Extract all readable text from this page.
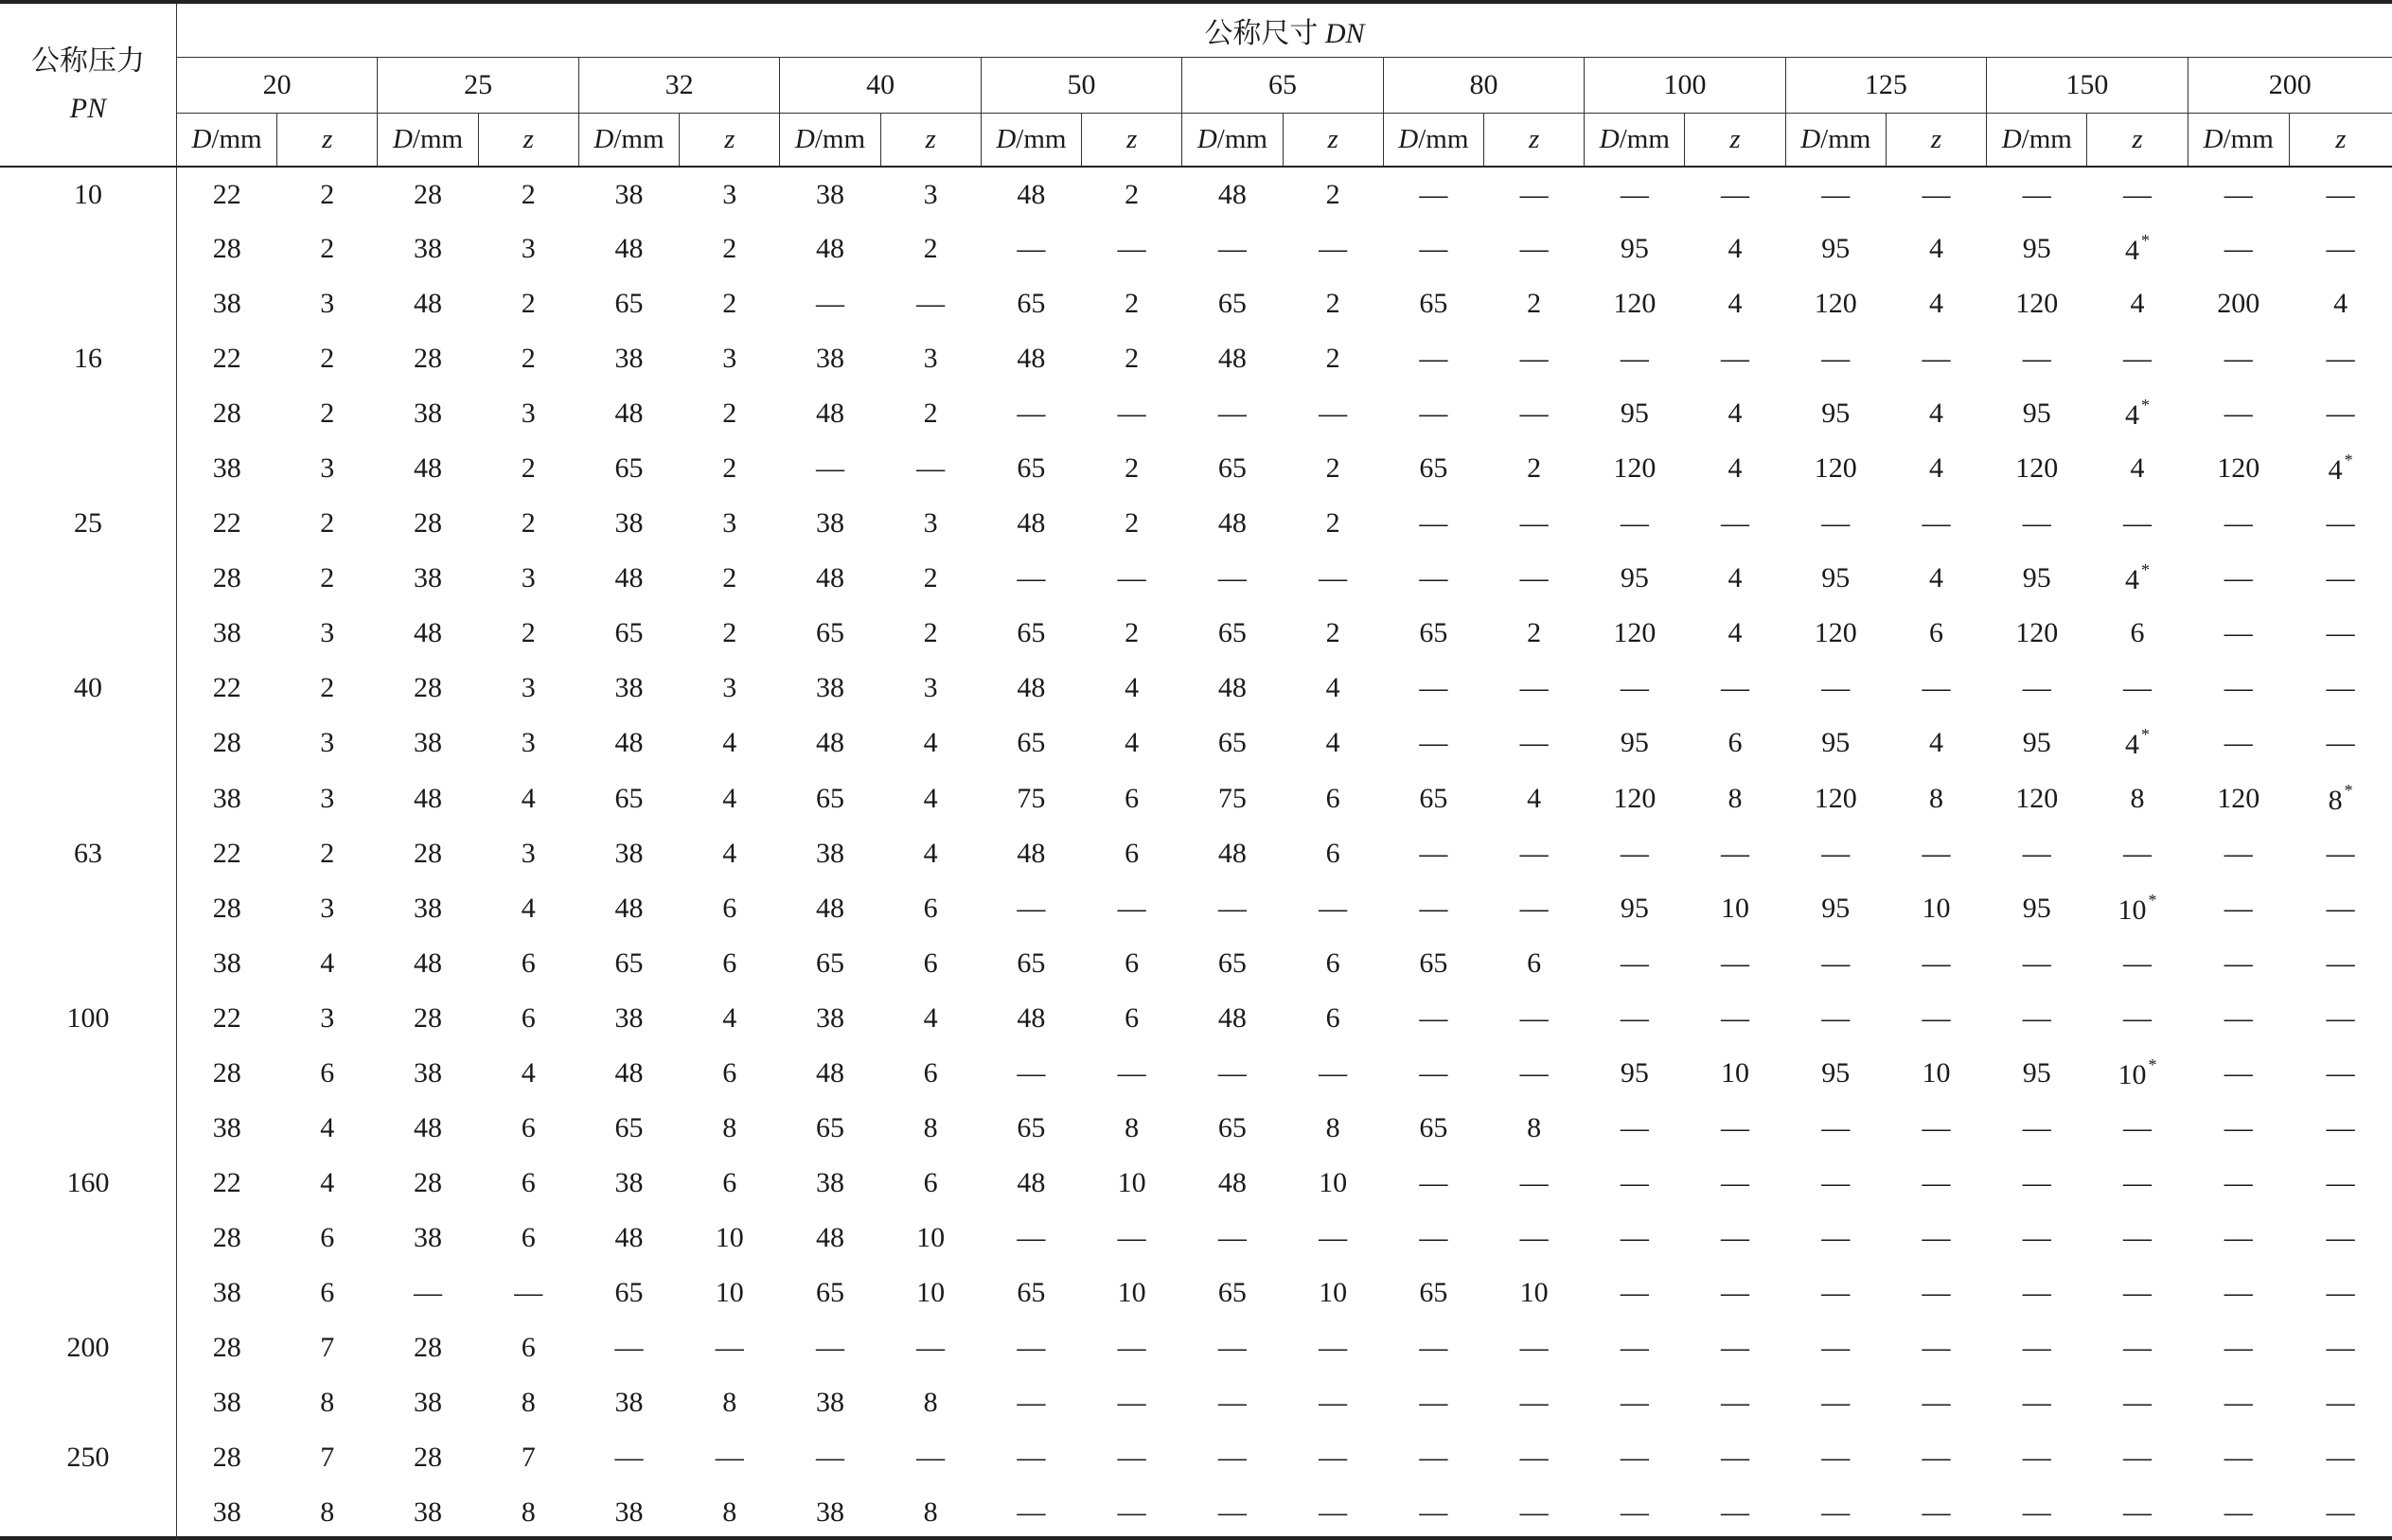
公称压力
PN	公称尺寸 DN																					
	20		25		32		40		50		65		80		100		125		150		200	
	D/mm	z	D/mm	z	D/mm	z	D/mm	z	D/mm	z	D/mm	z	D/mm	z	D/mm	z	D/mm	z	D/mm	z	D/mm	z
10	22	2	28	2	38	3	38	3	48	2	48	2	—	—	—	—	—	—	—	—	—	—
	28	2	38	3	48	2	48	2	—	—	—	—	—	—	95	4	95	4	95	4 *	—	—
	38	3	48	2	65	2	—	—	65	2	65	2	65	2	120	4	120	4	120	4	200	4
16	22	2	28	2	38	3	38	3	48	2	48	2	—	—	—	—	—	—	—	—	—	—
	28	2	38	3	48	2	48	2	—	—	—	—	—	—	95	4	95	4	95	4 *	—	—
	38	3	48	2	65	2	—	—	65	2	65	2	65	2	120	4	120	4	120	4	120	4 *
25	22	2	28	2	38	3	38	3	48	2	48	2	—	—	—	—	—	—	—	—	—	—
	28	2	38	3	48	2	48	2	—	—	—	—	—	—	95	4	95	4	95	4 *	—	—
	38	3	48	2	65	2	65	2	65	2	65	2	65	2	120	4	120	6	120	6	—	—
40	22	2	28	3	38	3	38	3	48	4	48	4	—	—	—	—	—	—	—	—	—	—
	28	3	38	3	48	4	48	4	65	4	65	4	—	—	95	6	95	4	95	4 *	—	—
	38	3	48	4	65	4	65	4	75	6	75	6	65	4	120	8	120	8	120	8	120	8 *
63	22	2	28	3	38	4	38	4	48	6	48	6	—	—	—	—	—	—	—	—	—	—
	28	3	38	4	48	6	48	6	—	—	—	—	—	—	95	10	95	10	95	10 *	—	—
	38	4	48	6	65	6	65	6	65	6	65	6	65	6	—	—	—	—	—	—	—	—
100	22	3	28	6	38	4	38	4	48	6	48	6	—	—	—	—	—	—	—	—	—	—
	28	6	38	4	48	6	48	6	—	—	—	—	—	—	95	10	95	10	95	10 *	—	—
	38	4	48	6	65	8	65	8	65	8	65	8	65	8	—	—	—	—	—	—	—	—
160	22	4	28	6	38	6	38	6	48	10	48	10	—	—	—	—	—	—	—	—	—	—
	28	6	38	6	48	10	48	10	—	—	—	—	—	—	—	—	—	—	—	—	—	—
	38	6	—	—	65	10	65	10	65	10	65	10	65	10	—	—	—	—	—	—	—	—
200	28	7	28	6	—	—	—	—	—	—	—	—	—	—	—	—	—	—	—	—	—	—
	38	8	38	8	38	8	38	8	—	—	—	—	—	—	—	—	—	—	—	—	—	—
250	28	7	28	7	—	—	—	—	—	—	—	—	—	—	—	—	—	—	—	—	—	—
	38	8	38	8	38	8	38	8	—	—	—	—	—	—	—	—	—	—	—	—	—	—
